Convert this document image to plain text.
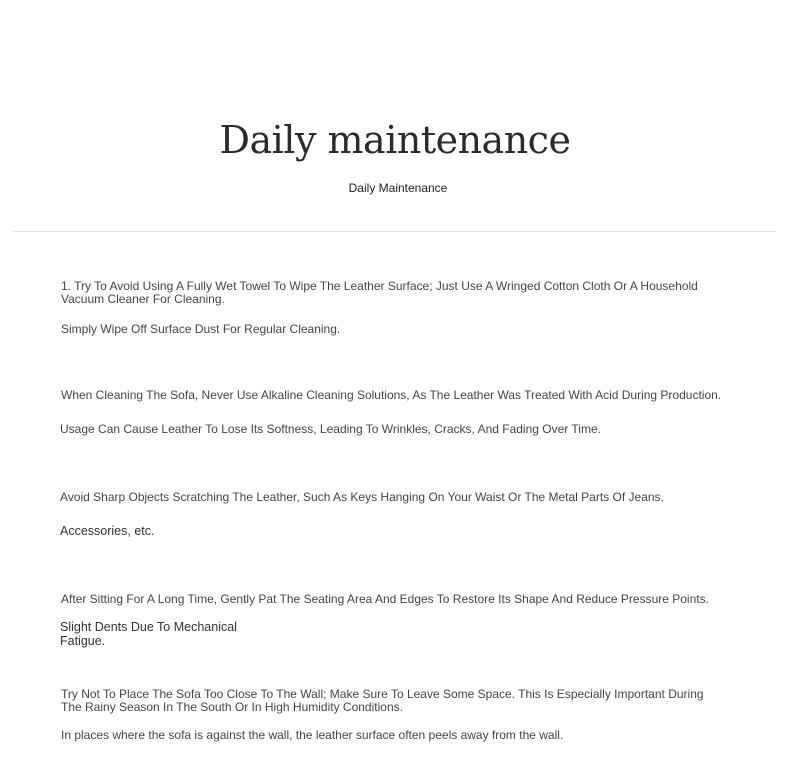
Daily maintenance
Daily Maintenance
1. Try To Avoid Using A Fully Wet Towel To Wipe The Leather Surface; Just Use A Wringed Cotton Cloth Or A Household Vacuum Cleaner For Cleaning.
Simply Wipe Off Surface Dust For Regular Cleaning.
When Cleaning The Sofa, Never Use Alkaline Cleaning Solutions, As The Leather Was Treated With Acid During Production.
Usage Can Cause Leather To Lose Its Softness, Leading To Wrinkles, Cracks, And Fading Over Time.
Avoid Sharp Objects Scratching The Leather, Such As Keys Hanging On Your Waist Or The Metal Parts Of Jeans.
Accessories, etc.
After Sitting For A Long Time, Gently Pat The Seating Area And Edges To Restore Its Shape And Reduce Pressure Points.
Slight Dents Due To Mechanical Fatigue.
Try Not To Place The Sofa Too Close To The Wall; Make Sure To Leave Some Space. This Is Especially Important During The Rainy Season In The South Or In High Humidity Conditions.
In places where the sofa is against the wall, the leather surface often peels away from the wall.
